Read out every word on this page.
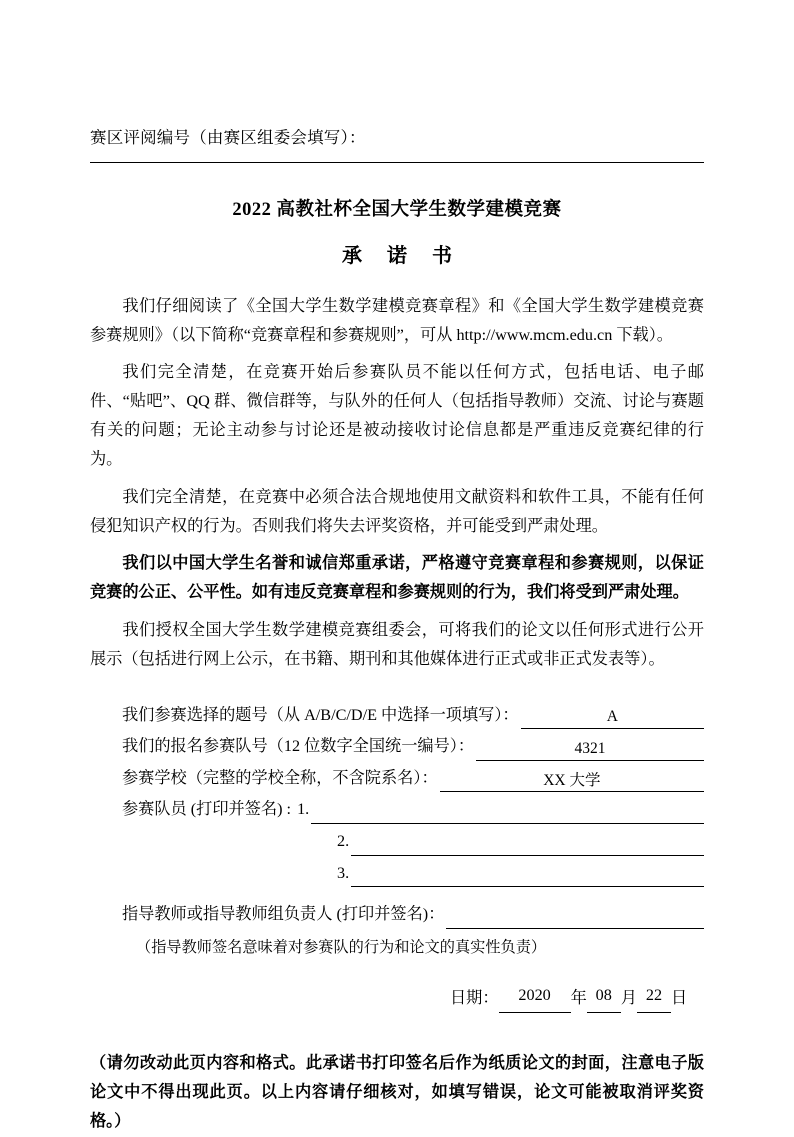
赛区评阅编号（由赛区组委会填写）：
2022 高教社杯全国大学生数学建模竞赛
承 诺 书

我们仔细阅读了《全国大学生数学建模竞赛章程》和《全国大学生数学建模竞赛参赛规则》（以下简称“竞赛章程和参赛规则”，可从 http://www.mcm.edu.cn 下载）。

我们完全清楚，在竞赛开始后参赛队员不能以任何方式，包括电话、电子邮件、“贴吧”、QQ 群、微信群等，与队外的任何人（包括指导教师）交流、讨论与赛题有关的问题；无论主动参与讨论还是被动接收讨论信息都是严重违反竞赛纪律的行为。

我们完全清楚，在竞赛中必须合法合规地使用文献资料和软件工具，不能有任何侵犯知识产权的行为。否则我们将失去评奖资格，并可能受到严肃处理。

我们以中国大学生名誉和诚信郑重承诺，严格遵守竞赛章程和参赛规则，以保证竞赛的公正、公平性。如有违反竞赛章程和参赛规则的行为，我们将受到严肃处理。

我们授权全国大学生数学建模竞赛组委会，可将我们的论文以任何形式进行公开展示（包括进行网上公示，在书籍、期刊和其他媒体进行正式或非正式发表等）。

我们参赛选择的题号（从 A/B/C/D/E 中选择一项填写）：	A
我们的报名参赛队号（12 位数字全国统一编号）：	4321
参赛学校（完整的学校全称，不含院系名）：	XX 大学
参赛队员 (打印并签名) : 1.
2.
3.
指导教师或指导教师组负责人 (打印并签名)：
（指导教师签名意味着对参赛队的行为和论文的真实性负责）
日期：	2020	年 08 月 22 日
（请勿改动此页内容和格式。此承诺书打印签名后作为纸质论文的封面，注意电子版论文中不得出现此页。以上内容请仔细核对，如填写错误，论文可能被取消评奖资格。）
